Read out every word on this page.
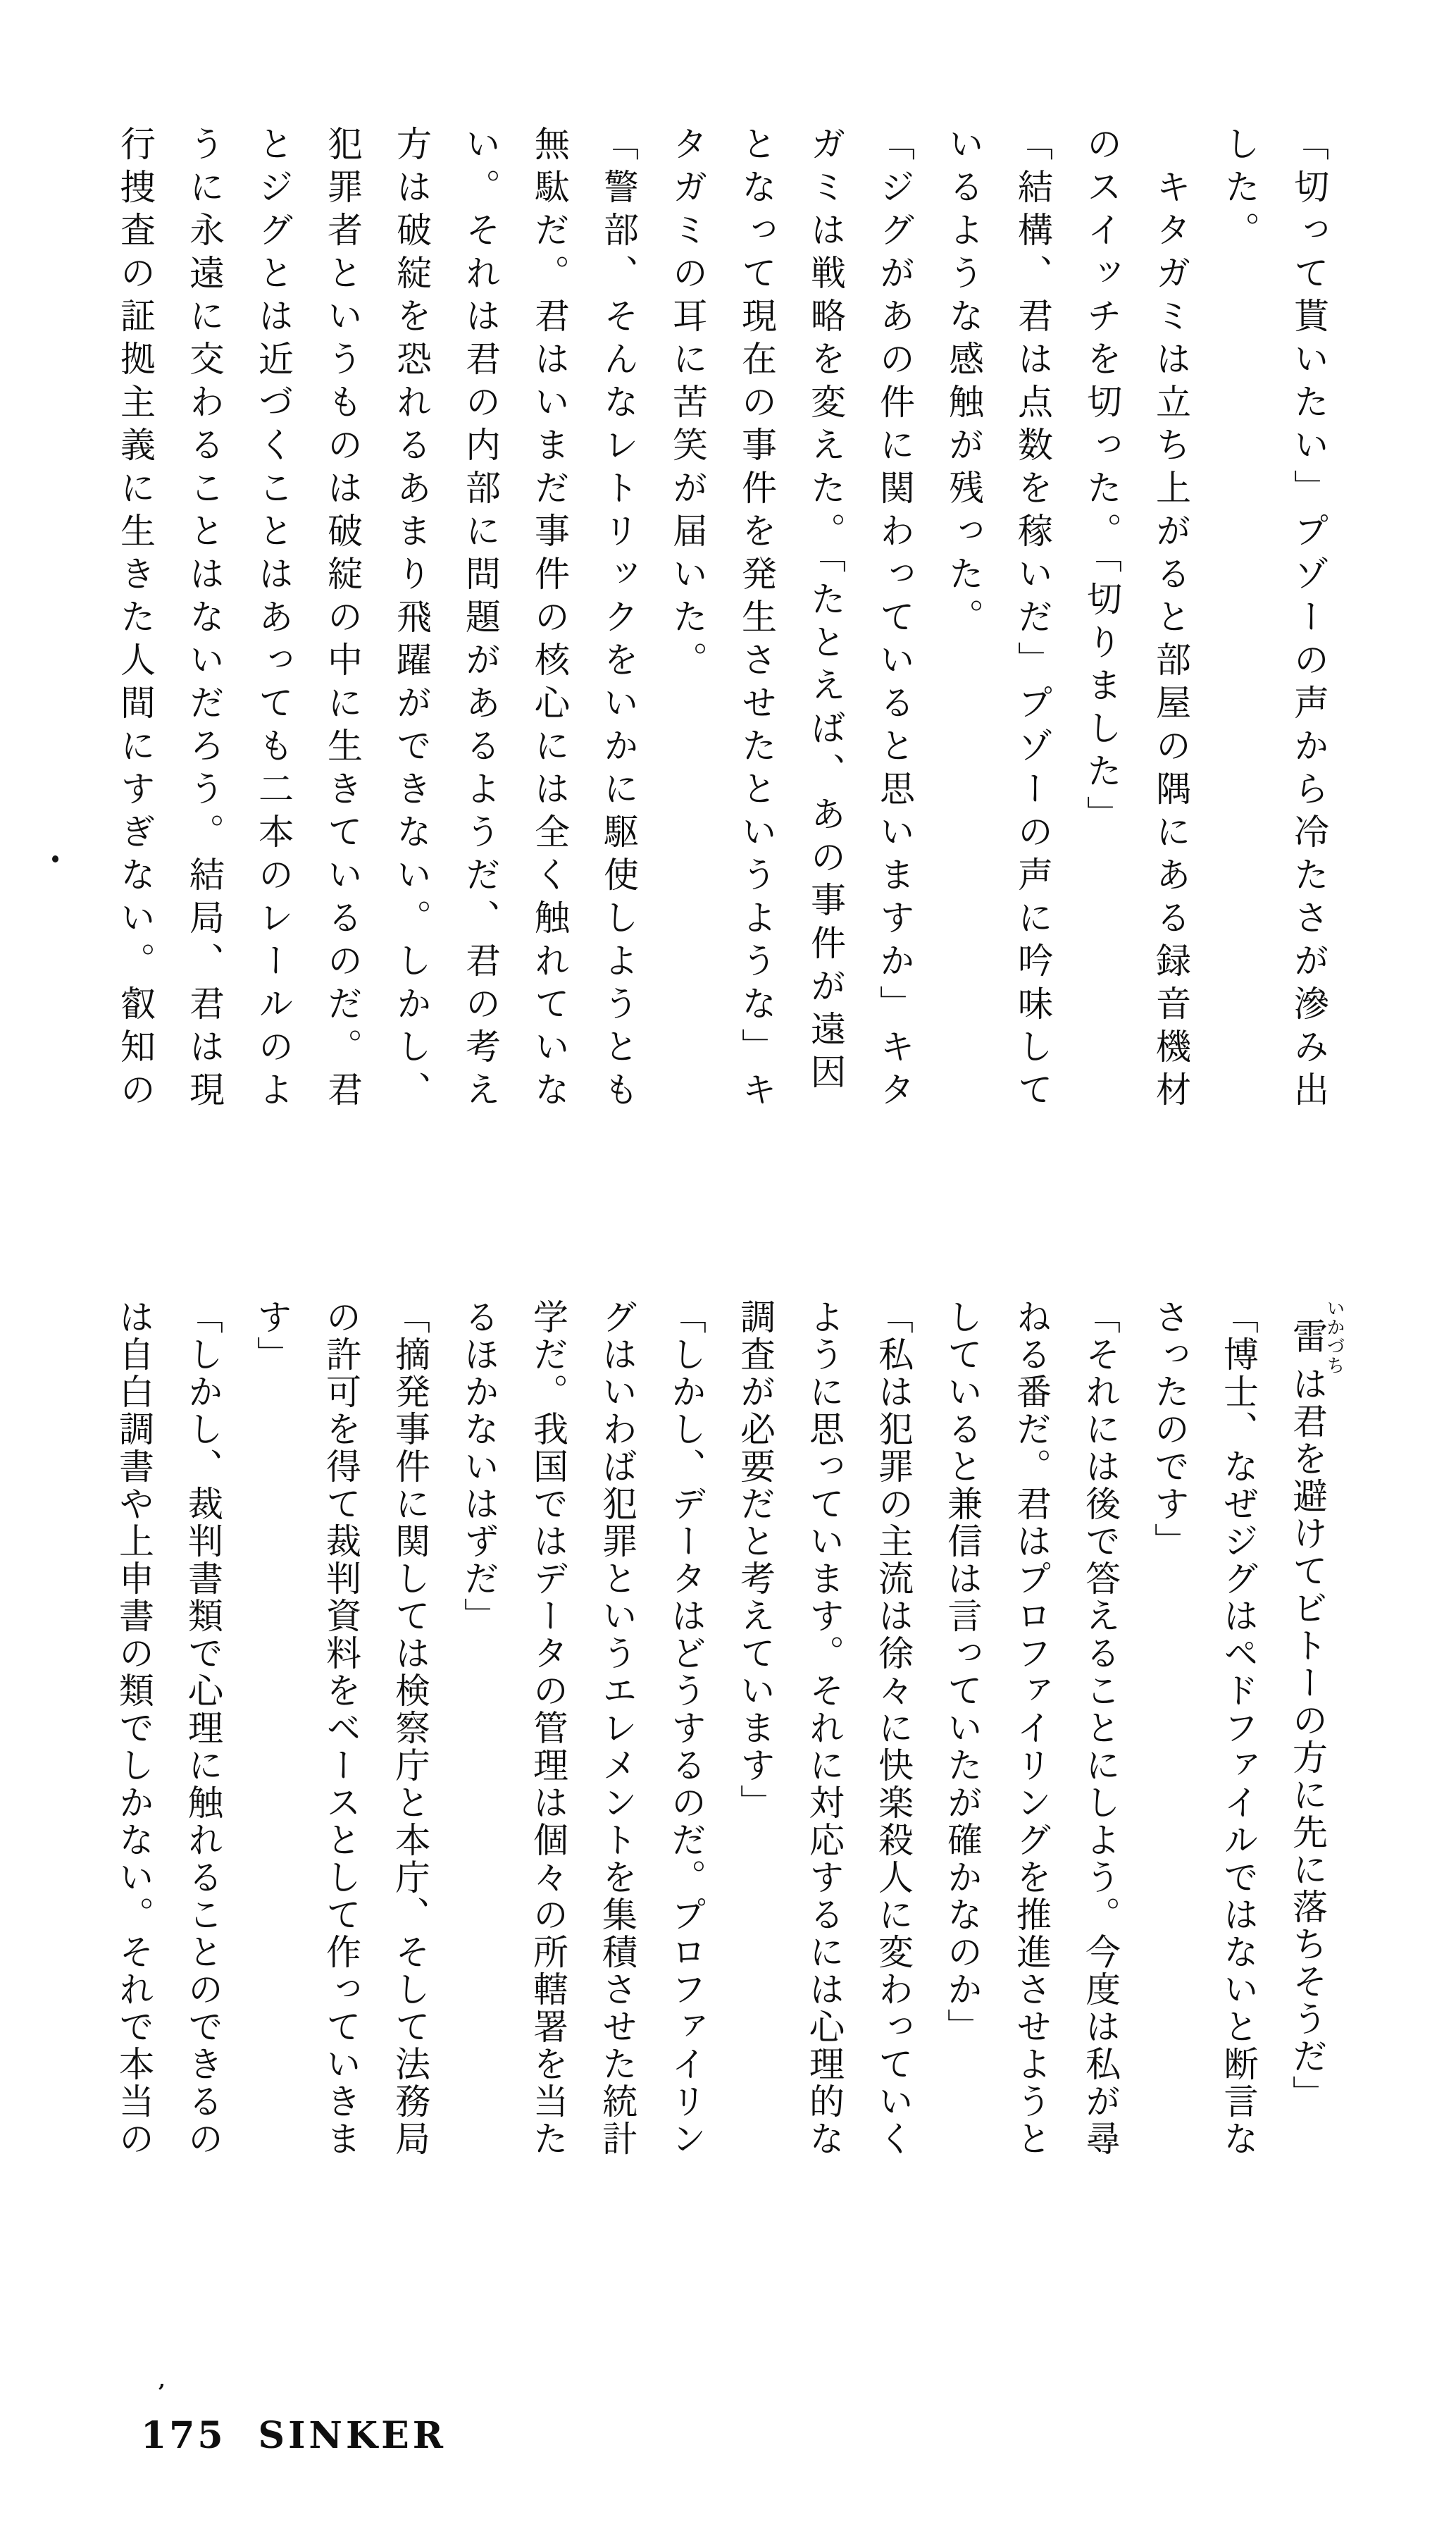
「切って貰いたい」プゾーの声から冷たさが滲み出
した。
キタガミは立ち上がると部屋の隅にある録音機材
のスイッチを切った。「切りました」
「結構、君は点数を稼いだ」プゾーの声に吟味して
いるような感触が残った。
「ジグがあの件に関わっていると思いますか」キタ
ガミは戦略を変えた。「たとえば、あの事件が遠因
となって現在の事件を発生させたというような」キ
タガミの耳に苦笑が届いた。
「警部、そんなレトリックをいかに駆使しようとも
無駄だ。君はいまだ事件の核心には全く触れていな
い。それは君の内部に問題があるようだ、君の考え
方は破綻を恐れるあまり飛躍ができない。しかし、
犯罪者というものは破綻の中に生きているのだ。君
とジグとは近づくことはあっても二本のレールのよ
うに永遠に交わることはないだろう。結局、君は現
行捜査の証拠主義に生きた人間にすぎない。叡知の
雷いかづちは君を避けてビトーの方に先に落ちそうだ」
「博士、なぜジグはペドファイルではないと断言な
さったのです」
「それには後で答えることにしよう。今度は私が尋
ねる番だ。君はプロファイリングを推進させようと
していると兼信は言っていたが確かなのか」
「私は犯罪の主流は徐々に快楽殺人に変わっていく
ように思っています。それに対応するには心理的な
調査が必要だと考えています」
「しかし、データはどうするのだ。プロファイリン
グはいわば犯罪というエレメントを集積させた統計
学だ。我国ではデータの管理は個々の所轄署を当た
るほかないはずだ」
「摘発事件に関しては検察庁と本庁、そして法務局
の許可を得て裁判資料をベースとして作っていきま
す」
「しかし、裁判書類で心理に触れることのできるの
は自白調書や上申書の類でしかない。それで本当の
175 SINKER
’
